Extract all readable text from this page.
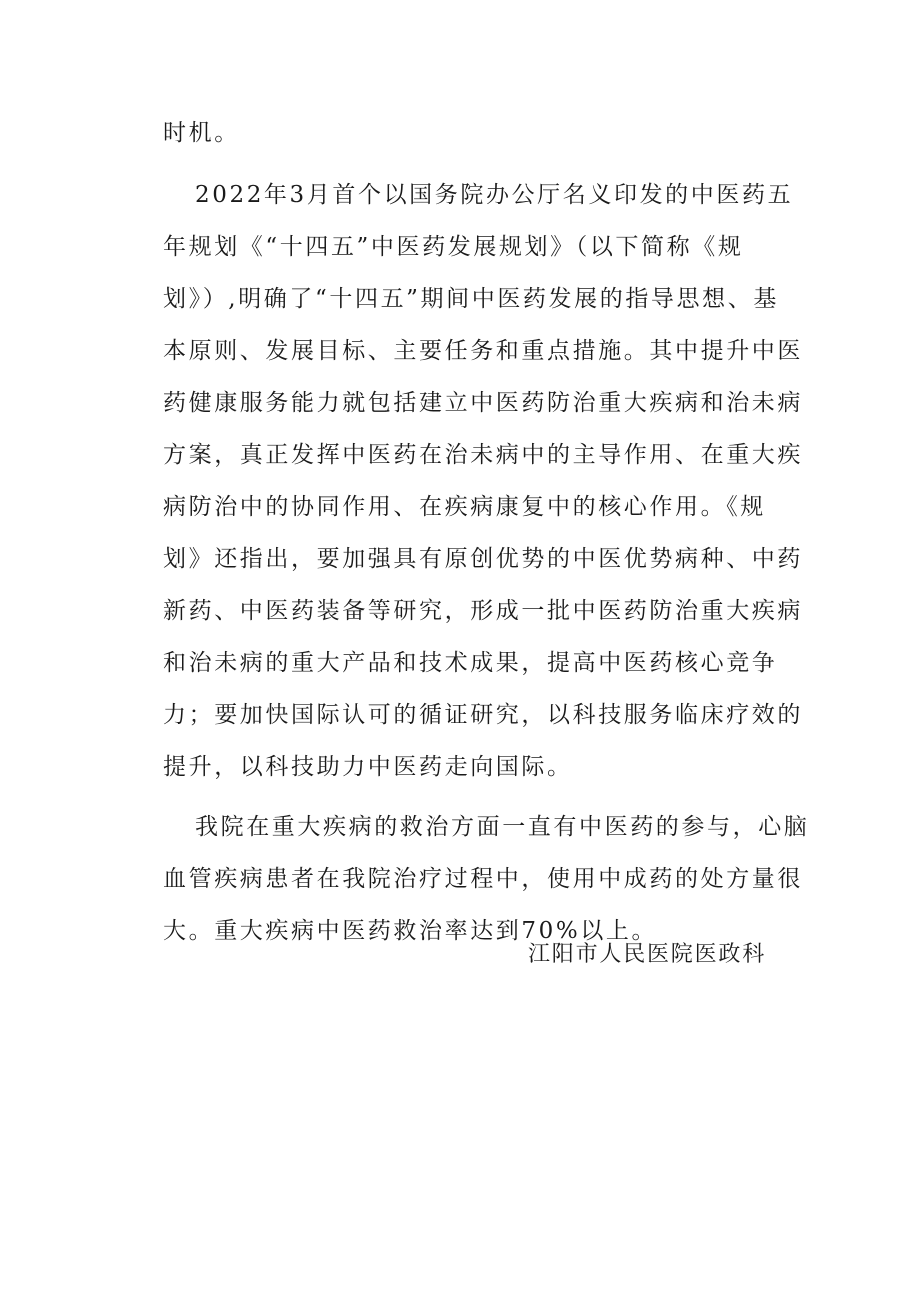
时机。
2022年3月首个以国务院办公厅名义印发的中医药五
年规划《“十四五”中医药发展规划》（以下简称《规
划》）,明确了“十四五”期间中医药发展的指导思想、基
本原则、发展目标、主要任务和重点措施。其中提升中医
药健康服务能力就包括建立中医药防治重大疾病和治未病
方案，真正发挥中医药在治未病中的主导作用、在重大疾
病防治中的协同作用、在疾病康复中的核心作用。《规
划》还指出，要加强具有原创优势的中医优势病种、中药
新药、中医药装备等研究，形成一批中医药防治重大疾病
和治未病的重大产品和技术成果，提高中医药核心竞争
力；要加快国际认可的循证研究，以科技服务临床疗效的
提升，以科技助力中医药走向国际。
我院在重大疾病的救治方面一直有中医药的参与，心脑
血管疾病患者在我院治疗过程中，使用中成药的处方量很
大。重大疾病中医药救治率达到70%以上。
江阳市人民医院医政科
